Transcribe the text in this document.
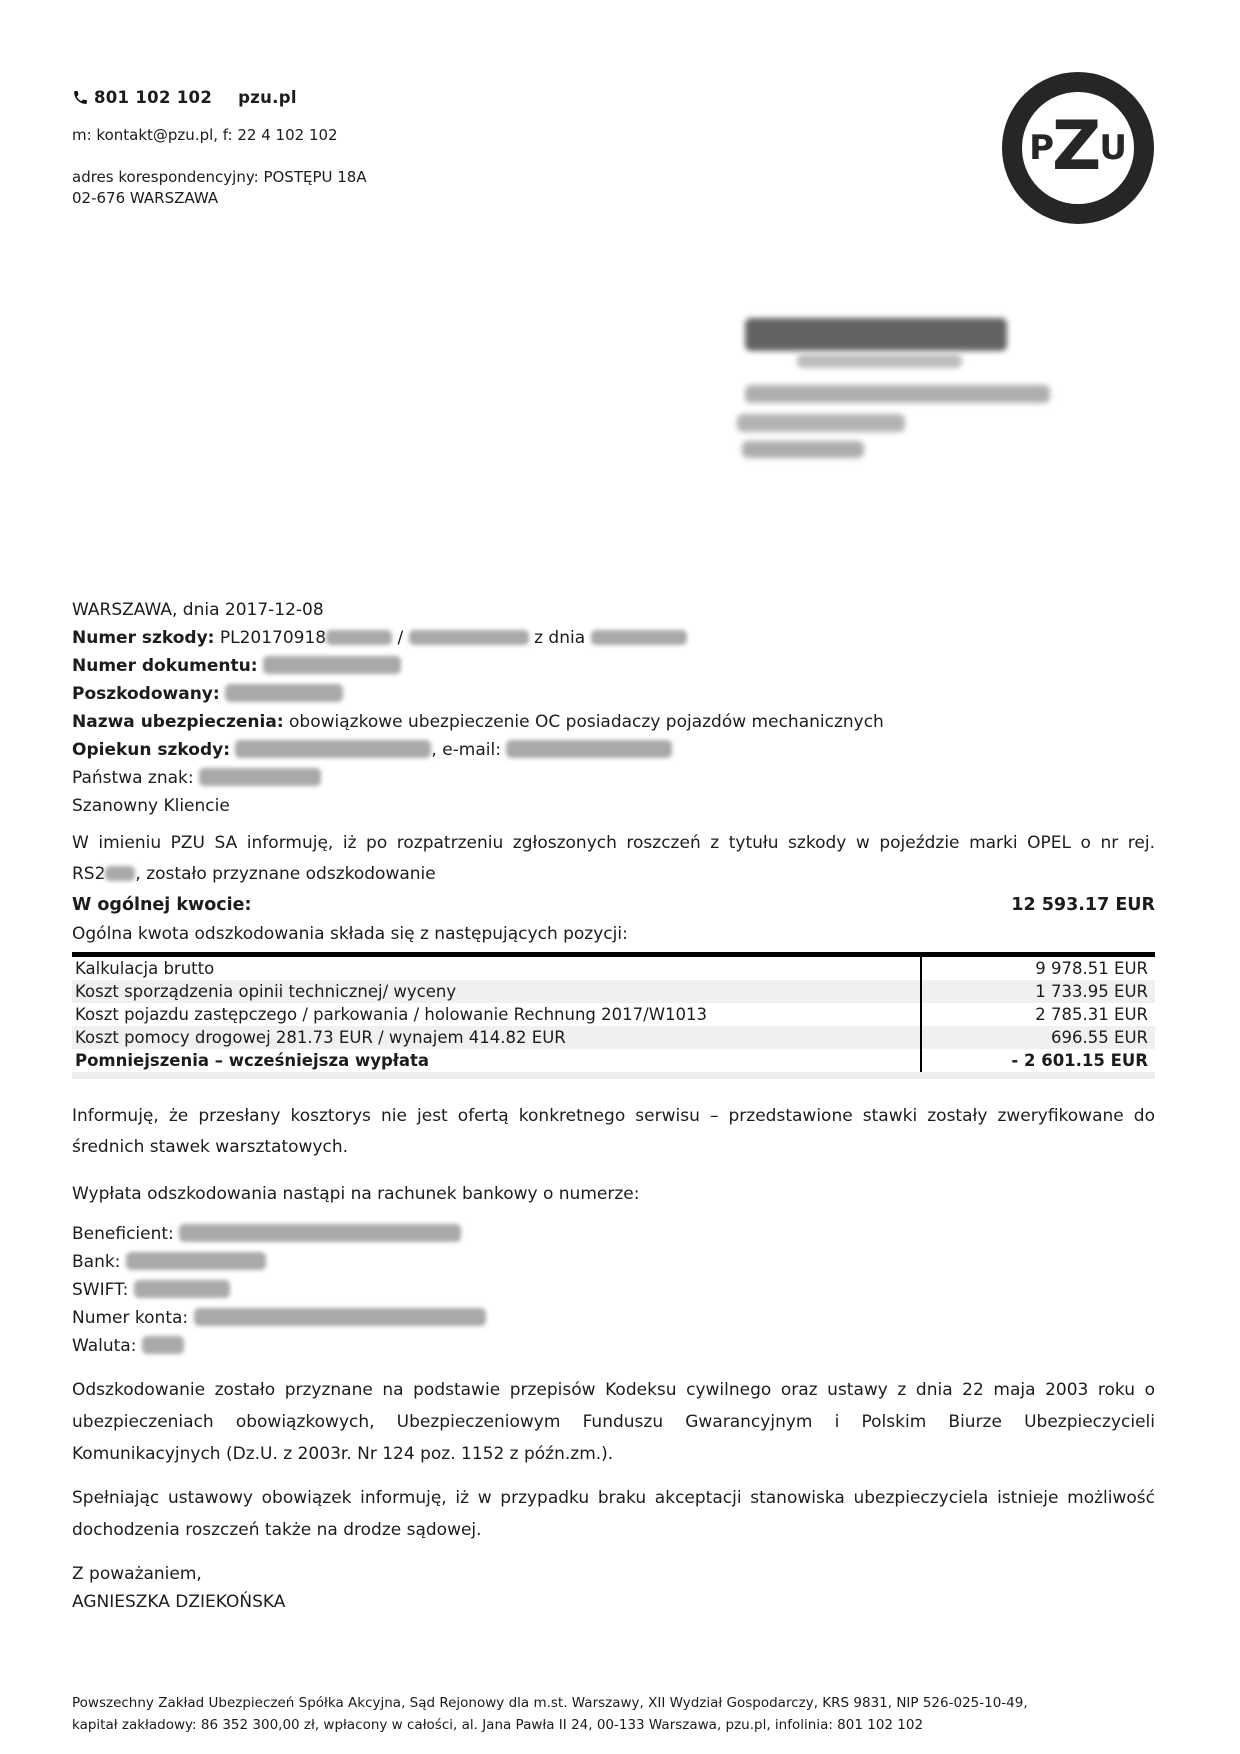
801 102 102 pzu.pl
m: kontakt@pzu.pl, f: 22 4 102 102
adres korespondencyjny: POSTĘPU 18A
02-676 WARSZAWA
P
Z
U
WARSZAWA, dnia 2017-12-08
Numer szkody: PL20170918	/	z dnia
Numer dokumentu:
Poszkodowany:
Nazwa ubezpieczenia: obowiązkowe ubezpieczenie OC posiadaczy pojazdów mechanicznych
Opiekun szkody:	, e-mail:
Państwa znak:
Szanowny Kliencie
W imieniu PZU SA informuję, iż po rozpatrzeniu zgłoszonych roszczeń z tytułu szkody w pojeździe marki OPEL o nr rej.
RS2 , zostało przyznane odszkodowanie
W ogólnej kwocie:	12 593.17 EUR
Ogólna kwota odszkodowania składa się z następujących pozycji:
Kalkulacja brutto	9 978.51 EUR
Koszt sporządzenia opinii technicznej/ wyceny	1 733.95 EUR
Koszt pojazdu zastępczego / parkowania / holowanie Rechnung 2017/W1013	2 785.31 EUR
Koszt pomocy drogowej 281.73 EUR / wynajem 414.82 EUR	696.55 EUR
Pomniejszenia – wcześniejsza wypłata	- 2 601.15 EUR
Informuję, że przesłany kosztorys nie jest ofertą konkretnego serwisu – przedstawione stawki zostały zweryfikowane do średnich stawek warsztatowych.
Wypłata odszkodowania nastąpi na rachunek bankowy o numerze:
Beneficient:
Bank:
SWIFT:
Numer konta:
Waluta:
Odszkodowanie zostało przyznane na podstawie przepisów Kodeksu cywilnego oraz ustawy z dnia 22 maja 2003 roku o ubezpieczeniach obowiązkowych, Ubezpieczeniowym Funduszu Gwarancyjnym i Polskim Biurze Ubezpieczycieli Komunikacyjnych (Dz.U. z 2003r. Nr 124 poz. 1152 z późn.zm.).
Spełniając ustawowy obowiązek informuję, iż w przypadku braku akceptacji stanowiska ubezpieczyciela istnieje możliwość dochodzenia roszczeń także na drodze sądowej.
Z poważaniem,
AGNIESZKA DZIEKOŃSKA
Powszechny Zakład Ubezpieczeń Spółka Akcyjna, Sąd Rejonowy dla m.st. Warszawy, XII Wydział Gospodarczy, KRS 9831, NIP 526-025-10-49,
kapitał zakładowy: 86 352 300,00 zł, wpłacony w całości, al. Jana Pawła II 24, 00-133 Warszawa, pzu.pl, infolinia: 801 102 102
